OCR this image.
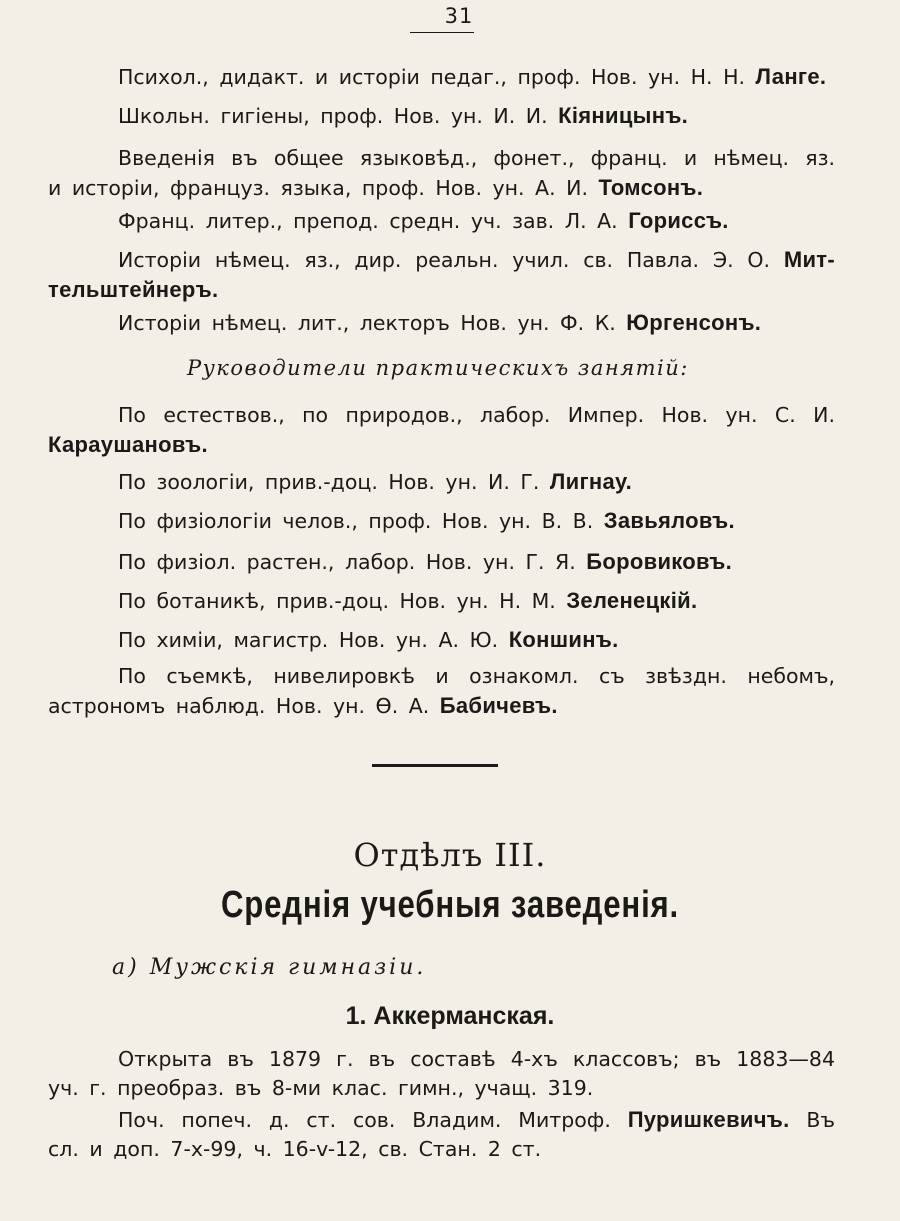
31
Психол., дидакт. и исторіи педаг., проф. Нов. ун. Н. Н. Ланге.
Школьн. гигіены, проф. Нов. ун. И. И. Кіяницынъ.
Введенія въ общее языковѣд., фонет., франц. и нѣмец. яз.
и исторіи, француз. языка, проф. Нов. ун. А. И. Томсонъ.
Франц. литер., препод. средн. уч. зав. Л. А. Гориссъ.
Исторіи нѣмец. яз., дир. реальн. учил. св. Павла. Э. О. Мит-
тельштейнеръ.
Исторіи нѣмец. лит., лекторъ Нов. ун. Ф. К. Юргенсонъ.
Руководители практическихъ занятій:
По естествов., по природов., лабор. Импер. Нов. ун. С. И.
Караушановъ.
По зоологіи, прив.-доц. Нов. ун. И. Г. Лигнау.
По физіологіи челов., проф. Нов. ун. В. В. Завьяловъ.
По физіол. растен., лабор. Нов. ун. Г. Я. Боровиковъ.
По ботаникѣ, прив.-доц. Нов. ун. Н. М. Зеленецкій.
По химіи, магистр. Нов. ун. А. Ю. Коншинъ.
По съемкѣ, нивелировкѣ и ознакомл. съ звѣздн. небомъ,
астрономъ наблюд. Нов. ун. Ѳ. А. Бабичевъ.
Отдѣлъ III.
Среднія учебныя заведенія.
а) Мужскія гимназіи.
1. Аккерманская.
Открыта въ 1879 г. въ составѣ 4-хъ классовъ; въ 1883—84
уч. г. преобраз. въ 8-ми клас. гимн., учащ. 319.
Поч. попеч. д. ст. сов. Владим. Митроф. Пуришкевичъ. Въ
сл. и доп. 7-х-99, ч. 16-v-12, св. Стан. 2 ст.
